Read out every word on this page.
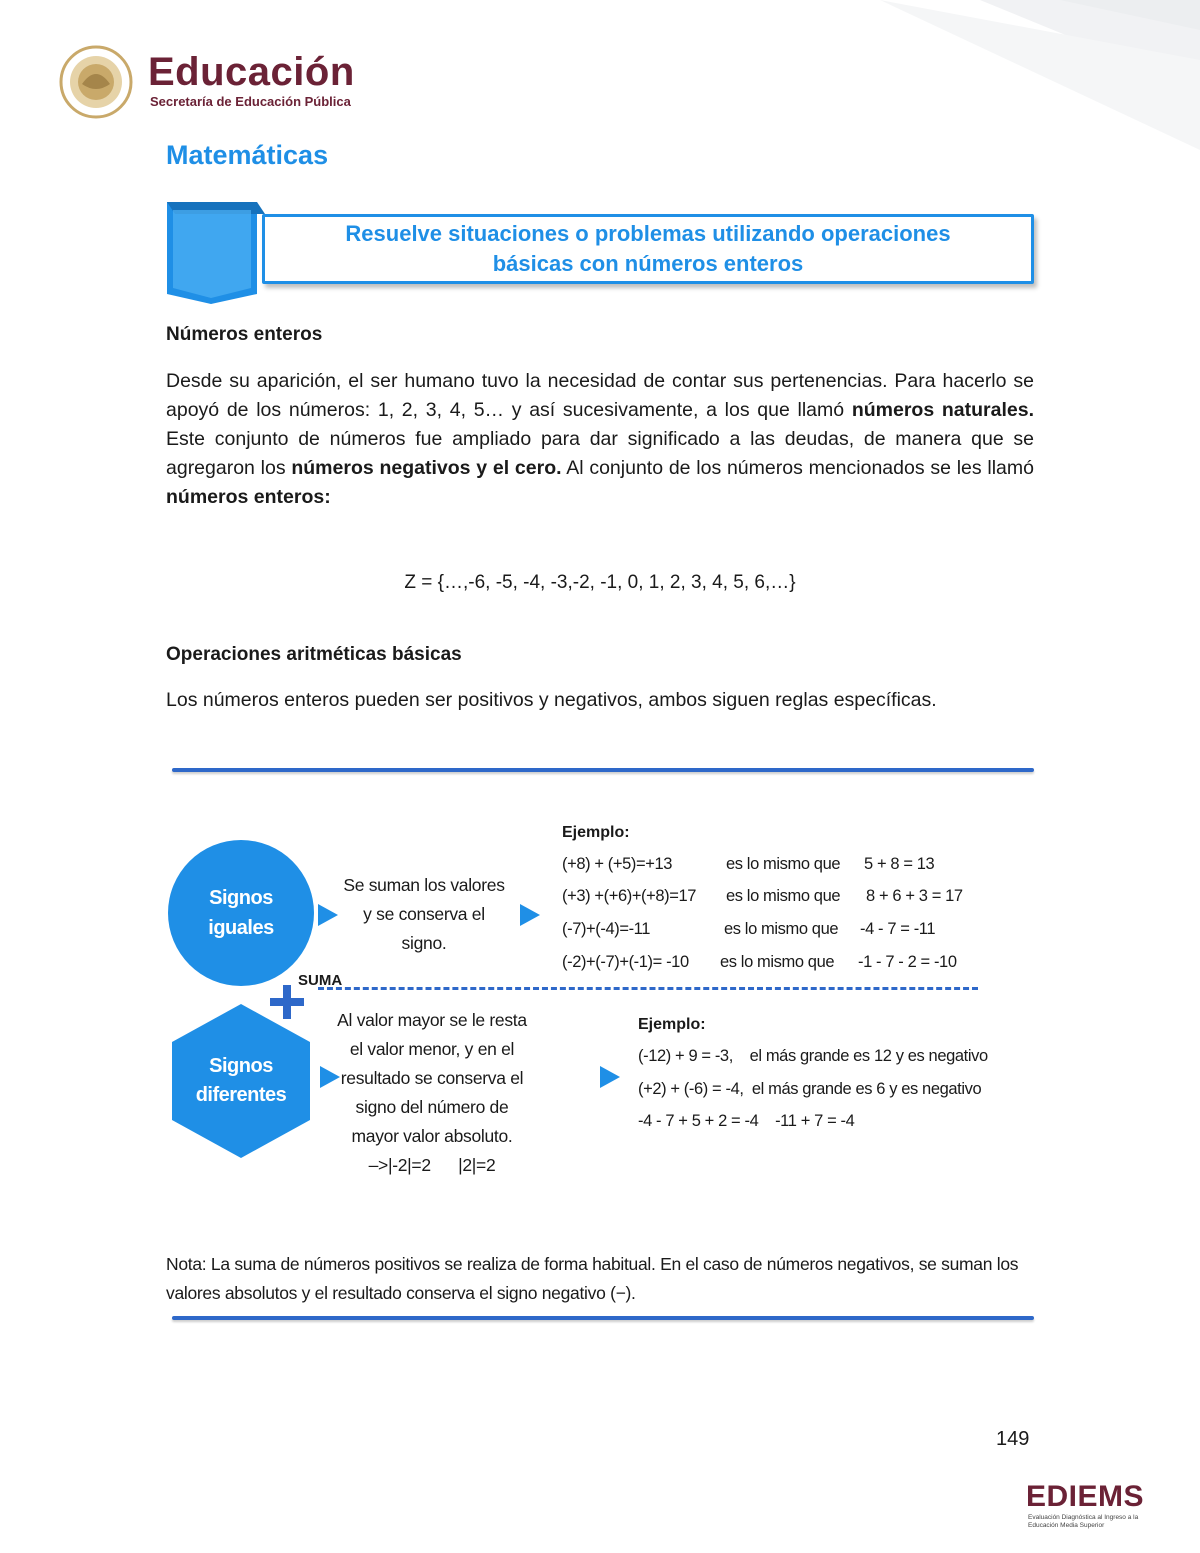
Educación
Secretaría de Educación Pública
Matemáticas
Resuelve situaciones o problemas utilizando operaciones
básicas con números enteros
Números enteros
Desde su aparición, el ser humano tuvo la necesidad de contar sus pertenencias. Para hacerlo se apoyó de los números: 1, 2, 3, 4, 5… y así sucesivamente, a los que llamó números naturales. Este conjunto de números fue ampliado para dar significado a las deudas, de manera que se agregaron los números negativos y el cero. Al conjunto de los números mencionados se les llamó números enteros:
Z = {…,-6, -5, -4, -3,-2, -1, 0, 1, 2, 3, 4, 5, 6,…}
Operaciones aritméticas básicas
Los números enteros pueden ser positivos y negativos, ambos siguen reglas específicas.
Signos
iguales
Se suman los valores
y se conserva el
signo.
Ejemplo:
(+8) + (+5)=+13	es lo mismo que 5 + 8 = 13
(+3) +(+6)+(+8)=17 es lo mismo que 8 + 6 + 3 = 17
(-7)+(-4)=-11	es lo mismo que -4 - 7 = -11
(-2)+(-7)+(-1)= -10 es lo mismo que -1 - 7 - 2 = -10
SUMA
Signos
diferentes
Al valor mayor se le resta
el valor menor, y en el
resultado se conserva el
signo del número de
mayor valor absoluto.
–>|-2|=2      |2|=2
Ejemplo:
(-12) + 9 = -3,    el más grande es 12 y es negativo
(+2) + (-6) = -4,  el más grande es 6 y es negativo
-4 - 7 + 5 + 2 = -4    -11 + 7 = -4
Nota: La suma de números positivos se realiza de forma habitual. En el caso de números negativos, se suman los valores absolutos y el resultado conserva el signo negativo (−).
149
EDIEMS
Evaluación Diagnóstica al Ingreso a la Educación Media Superior
